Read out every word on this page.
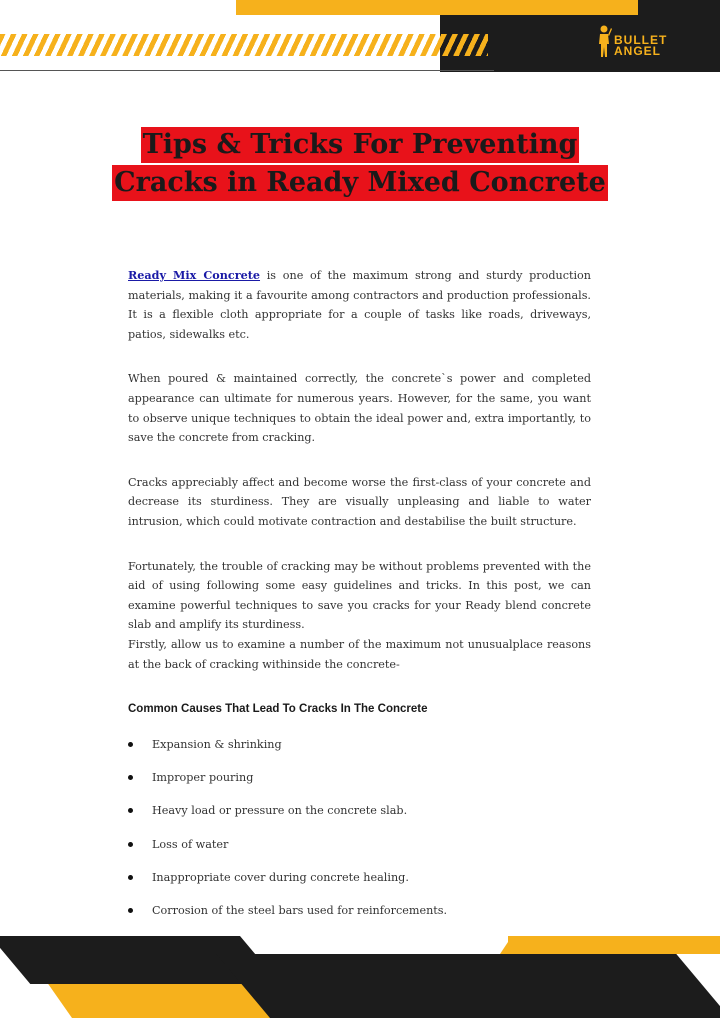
BULLET
ANGEL
Tips & Tricks For Preventing
Cracks in Ready Mixed Concrete

Ready Mix Concrete is one of the maximum strong and sturdy production materials, making it a favourite among contractors and production professionals. It is a flexible cloth appropriate for a couple of tasks like roads, driveways, patios, sidewalks etc.

When poured & maintained correctly, the concrete`s power and completed appearance can ultimate for numerous years. However, for the same, you want to observe unique techniques to obtain the ideal power and, extra importantly, to save the concrete from cracking.

Cracks appreciably affect and become worse the first-class of your concrete and decrease its sturdiness. They are visually unpleasing and liable to water intrusion, which could motivate contraction and destabilise the built structure.

Fortunately, the trouble of cracking may be without problems prevented with the aid of using following some easy guidelines and tricks. In this post, we can examine powerful techniques to save you cracks for your Ready blend concrete slab and amplify its sturdiness.

Firstly, allow us to examine a number of the maximum not unusualplace reasons at the back of cracking withinside the concrete-

Common Causes That Lead To Cracks In The Concrete
Expansion & shrinking
Improper pouring
Heavy load or pressure on the concrete slab.
Loss of water
Inappropriate cover during concrete healing.
Corrosion of the steel bars used for reinforcements.
